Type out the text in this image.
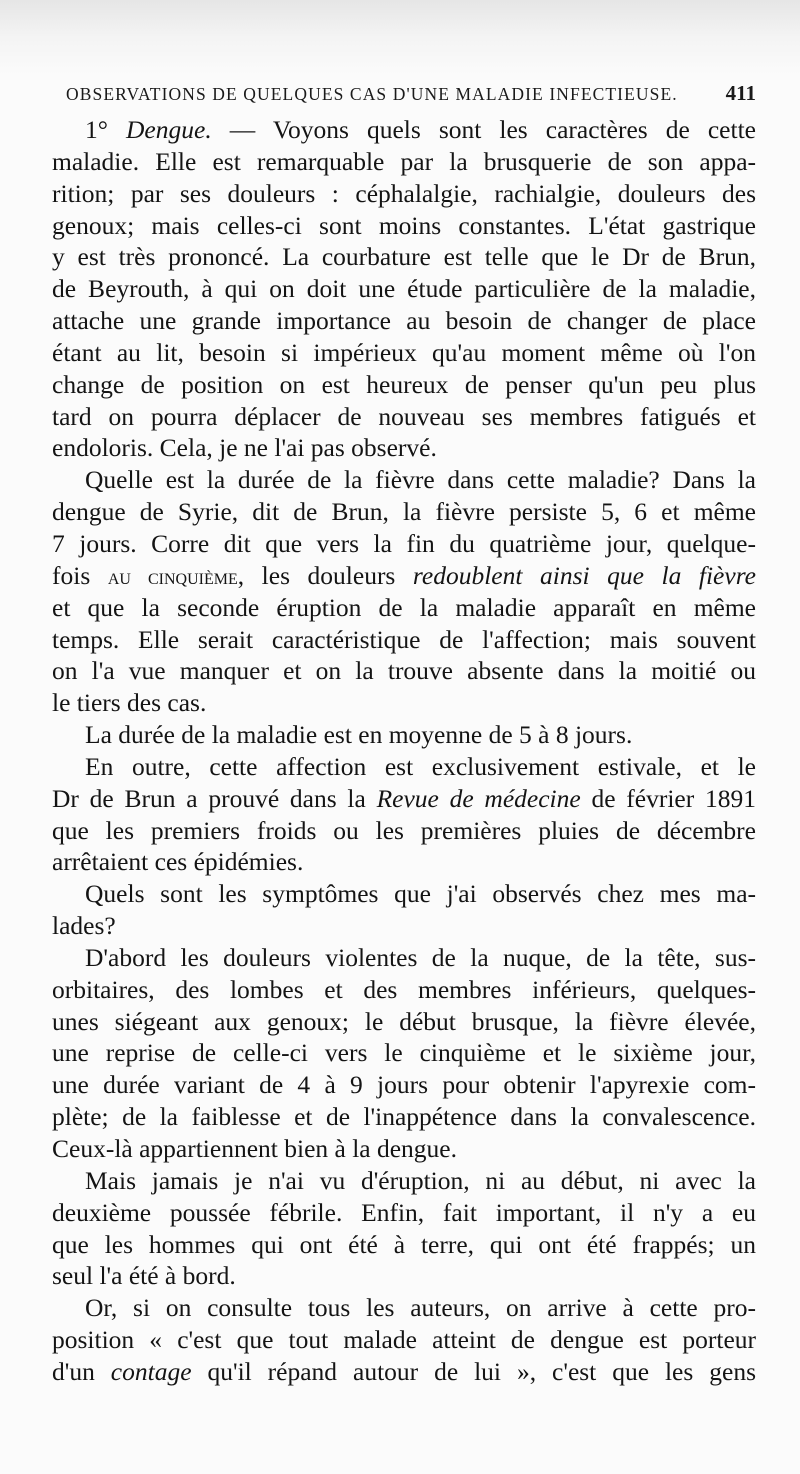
OBSERVATIONS DE QUELQUES CAS D'UNE MALADIE INFECTIEUSE. 411
1° Dengue. — Voyons quels sont les caractères de cette
maladie. Elle est remarquable par la brusquerie de son appa-
rition; par ses douleurs : céphalalgie, rachialgie, douleurs des
genoux; mais celles-ci sont moins constantes. L'état gastrique
y est très prononcé. La courbature est telle que le Dr de Brun,
de Beyrouth, à qui on doit une étude particulière de la maladie,
attache une grande importance au besoin de changer de place
étant au lit, besoin si impérieux qu'au moment même où l'on
change de position on est heureux de penser qu'un peu plus
tard on pourra déplacer de nouveau ses membres fatigués et
endoloris. Cela, je ne l'ai pas observé.
Quelle est la durée de la fièvre dans cette maladie? Dans la
dengue de Syrie, dit de Brun, la fièvre persiste 5, 6 et même
7 jours. Corre dit que vers la fin du quatrième jour, quelque-
fois au cinquième, les douleurs redoublent ainsi que la fièvre
et que la seconde éruption de la maladie apparaît en même
temps. Elle serait caractéristique de l'affection; mais souvent
on l'a vue manquer et on la trouve absente dans la moitié ou
le tiers des cas.
La durée de la maladie est en moyenne de 5 à 8 jours.
En outre, cette affection est exclusivement estivale, et le
Dr de Brun a prouvé dans la Revue de médecine de février 1891
que les premiers froids ou les premières pluies de décembre
arrêtaient ces épidémies.
Quels sont les symptômes que j'ai observés chez mes ma-
lades?
D'abord les douleurs violentes de la nuque, de la tête, sus-
orbitaires, des lombes et des membres inférieurs, quelques-
unes siégeant aux genoux; le début brusque, la fièvre élevée,
une reprise de celle-ci vers le cinquième et le sixième jour,
une durée variant de 4 à 9 jours pour obtenir l'apyrexie com-
plète; de la faiblesse et de l'inappétence dans la convalescence.
Ceux-là appartiennent bien à la dengue.
Mais jamais je n'ai vu d'éruption, ni au début, ni avec la
deuxième poussée fébrile. Enfin, fait important, il n'y a eu
que les hommes qui ont été à terre, qui ont été frappés; un
seul l'a été à bord.
Or, si on consulte tous les auteurs, on arrive à cette pro-
position « c'est que tout malade atteint de dengue est porteur
d'un contage qu'il répand autour de lui », c'est que les gens
